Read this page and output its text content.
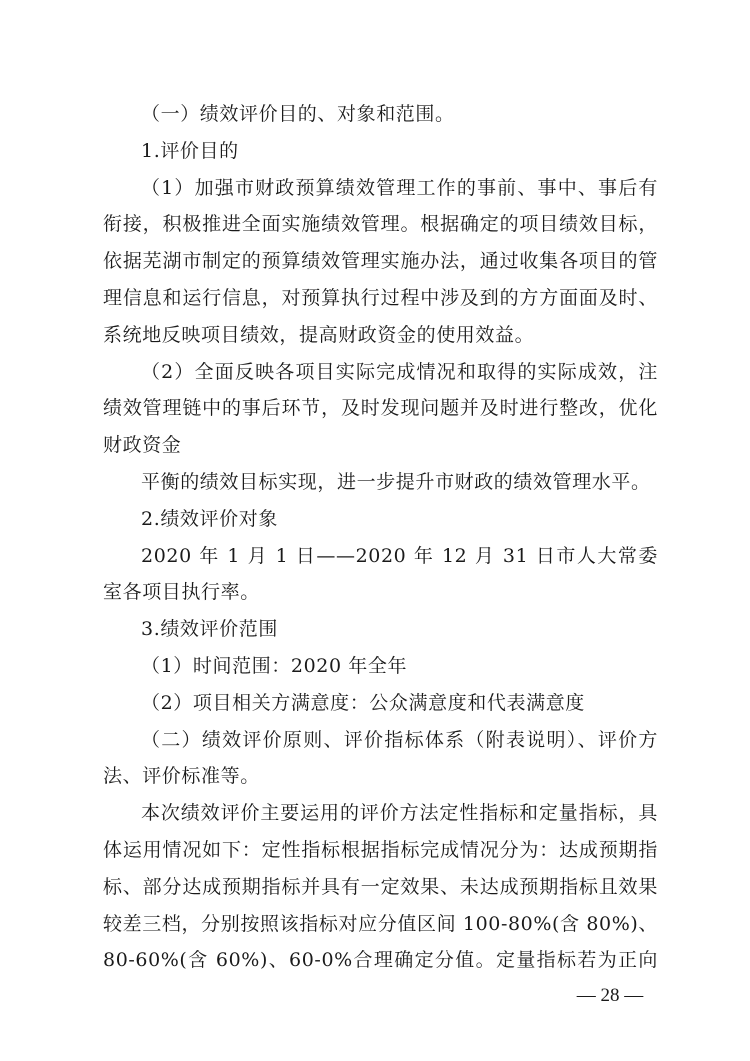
（一）绩效评价目的、对象和范围。
1.评价目的
（1）加强市财政预算绩效管理工作的事前、事中、事后有
衔接，积极推进全面实施绩效管理。根据确定的项目绩效目标，
依据芜湖市制定的预算绩效管理实施办法，通过收集各项目的管
理信息和运行信息，对预算执行过程中涉及到的方方面面及时、
系统地反映项目绩效，提高财政资金的使用效益。
（2）全面反映各项目实际完成情况和取得的实际成效，注
绩效管理链中的事后环节，及时发现问题并及时进行整改，优化
财政资金
平衡的绩效目标实现，进一步提升市财政的绩效管理水平。
2.绩效评价对象
2020 年 1 月 1 日——2020 年 12 月 31 日市人大常委
室各项目执行率。
3.绩效评价范围
（1）时间范围：2020 年全年
（2）项目相关方满意度：公众满意度和代表满意度
（二）绩效评价原则、评价指标体系（附表说明）、评价方
法、评价标准等。
本次绩效评价主要运用的评价方法定性指标和定量指标，具
体运用情况如下：定性指标根据指标完成情况分为：达成预期指
标、部分达成预期指标并具有一定效果、未达成预期指标且效果
较差三档，分别按照该指标对应分值区间 100-80%(含 80%)、
80-60%(含 60%)、60-0%合理确定分值。定量指标若为正向
— 28 —
